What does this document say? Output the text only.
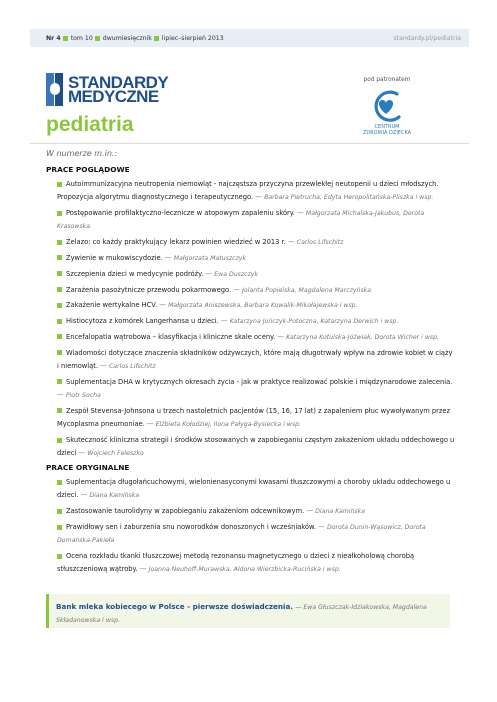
Nr 4 tom 10 dwumiesięcznik lipiec–sierpień 2013	standardy.pl/pediatria
STANDARDY
MEDYCZNE
pediatria
pod patronatem
CENTRUM
ZDROWIA DZIECKA
W numerze m.in.:
PRACE POGLĄDOWE
Autoimmunizacyjna neutropenia niemowląt - najczęstsza przyczyna przewlekłej neutopenii u dzieci młodszych. Propozycja algorytmu diagnostycznego i terapeutycznego. — Barbara Pietrucha, Edyta Heropolitańska-Pliszka i wsp.
Postępowanie profilaktyczno-lecznicze w atopowym zapaleniu skóry. — Małgorzata Michalska-Jakubus, Dorota Krasowska
Żelazo: co każdy praktykujący lekarz powinien wiedzieć w 2013 r. — Carlos Lifschitz
Żywienie w mukowiscydozie. — Małgorzata Matuszczyk
Szczepienia dzieci w medycynie podróży. — Ewa Duszczyk
Zarażenia pasożytnicze przewodu pokarmowego. — Jolanta Popielska, Magdalena Marczyńska
Zakażenie wertykalne HCV. — Małgorzata Aniszewska, Barbara Kowalik-Mikołajewska i wsp.
Histiocytoza z komórek Langerhansa u dzieci. — Katarzyna Jończyk-Potoczna, Katarzyna Derwich i wsp.
Encefalopatia wątrobowa – klasyfikacja i kliniczne skale oceny. — Katarzyna Kotulska-Jóźwiak, Dorota Wicher i wsp.
Wiadomości dotyczące znaczenia składników odżywczych, które mają długotrwały wpływ na zdrowie kobiet w ciąży i niemowląt. — Carlos Lifschitz
Suplementacja DHA w krytycznych okresach życia - jak w praktyce realizować polskie i międzynarodowe zalecenia. — Piotr Socha
Zespół Stevensa-Johnsona u trzech nastoletnich pacjentów (15, 16, 17 lat) z zapaleniem płuc wywoływanym przez Mycoplasma pneumoniae. — Elżbieta Kołodziej, Ilona Pałyga-Bysiecka i wsp.
Skuteczność kliniczna strategii i środków stosowanych w zapobieganiu częstym zakażeniom układu oddechowego u dzieci — Wojciech Feleszko
PRACE ORYGINALNE
Suplementacja długołańcuchowymi, wielonienasyconymi kwasami tłuszczowymi a choroby układu oddechowego u dzieci. — Diana Kamińska
Zastosowanie taurolidyny w zapobieganiu zakażeniom odcewnikowym. — Diana Kamińska
Prawidłowy sen i zaburzenia snu noworodków donoszonych i wcześniaków. — Dorota Dunin-Wąsowicz, Dorota Domańska-Pakieła
Ocena rozkładu tkanki tłuszczowej metodą rezonansu magnetycznego u dzieci z nieałkoholową chorobą stłuszczeniową wątroby. — Joanna Neuhoff-Murawska, Aldona Wierzbicka-Rucińska i wsp.
Bank mleka kobiecego w Polsce - pierwsze doświadczenia. — Ewa Głuszczak-Idziakowska, Magdalena Składanowska i wsp.
